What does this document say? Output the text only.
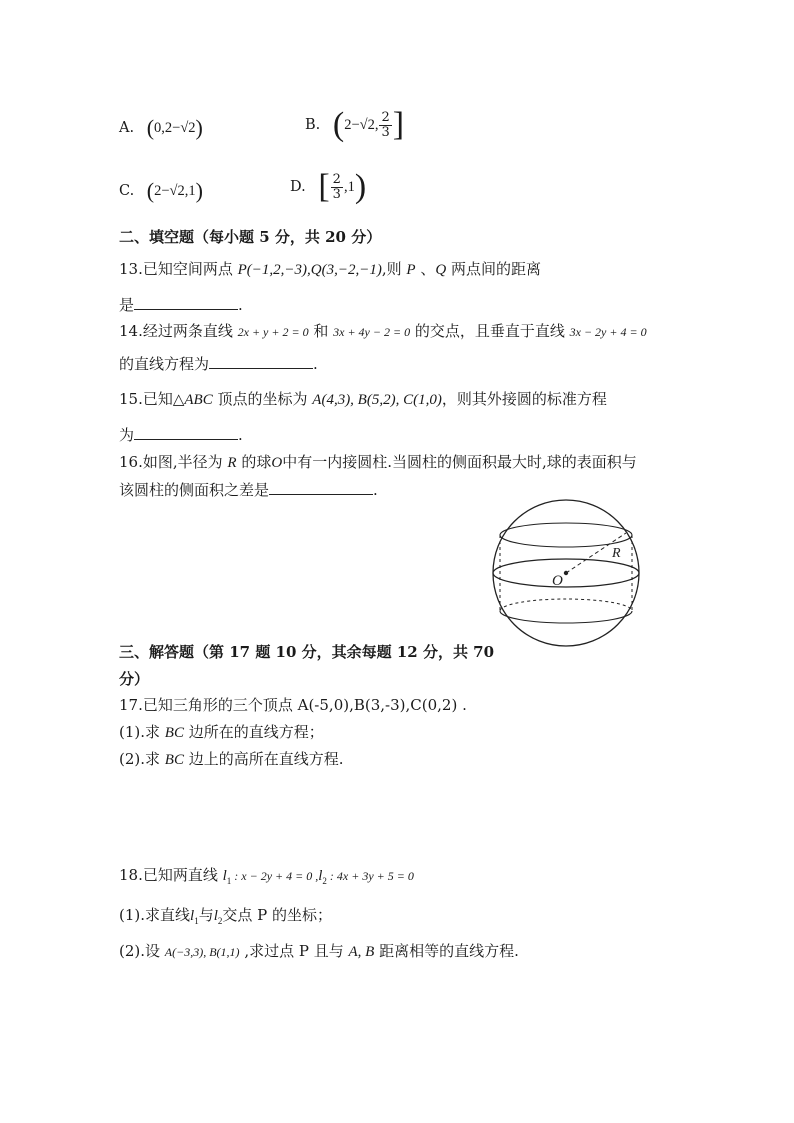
A. (0,2−√2)	B. (2−√2, $\frac{2}{3}$ ]
C. (2−√2,1)	D. [ $\frac{2}{3} ,1$)
二、填空题（每小题 5 分，共 20 分）
13.已知空间两点 P(−1,2,−3),Q(3,−2,−1),则 P 、Q 两点间的距离
是	.
14.经过两条直线 2x + y + 2 = 0 和 3x + 4y − 2 = 0 的交点，且垂直于直线 3x − 2y + 4 = 0
的直线方程为	.
15.已知△ABC 顶点的坐标为 A(4,3), B(5,2), C(1,0)，则其外接圆的标准方程
为	.
16.如图,半径为 R 的球O中有一内接圆柱.当圆柱的侧面积最大时,球的表面积与
该圆柱的侧面积之差是	.
R
O
三、解答题（第 17 题 10 分，其余每题 12 分，共 70
分）
17.已知三角形的三个顶点 A(-5,0),B(3,-3),C(0,2) .
(1).求 BC 边所在的直线方程；
(2).求 BC 边上的高所在直线方程.
18.已知两直线 $l_1$ : x − 2y + 4 = 0 $,l_2$ : 4x + 3y + 5 = 0
(1).求直线$l_1$与$l_2$交点 P 的坐标；
(2).设 A(−3,3), B(1,1) ,求过点 P 且与 A, B 距离相等的直线方程.
